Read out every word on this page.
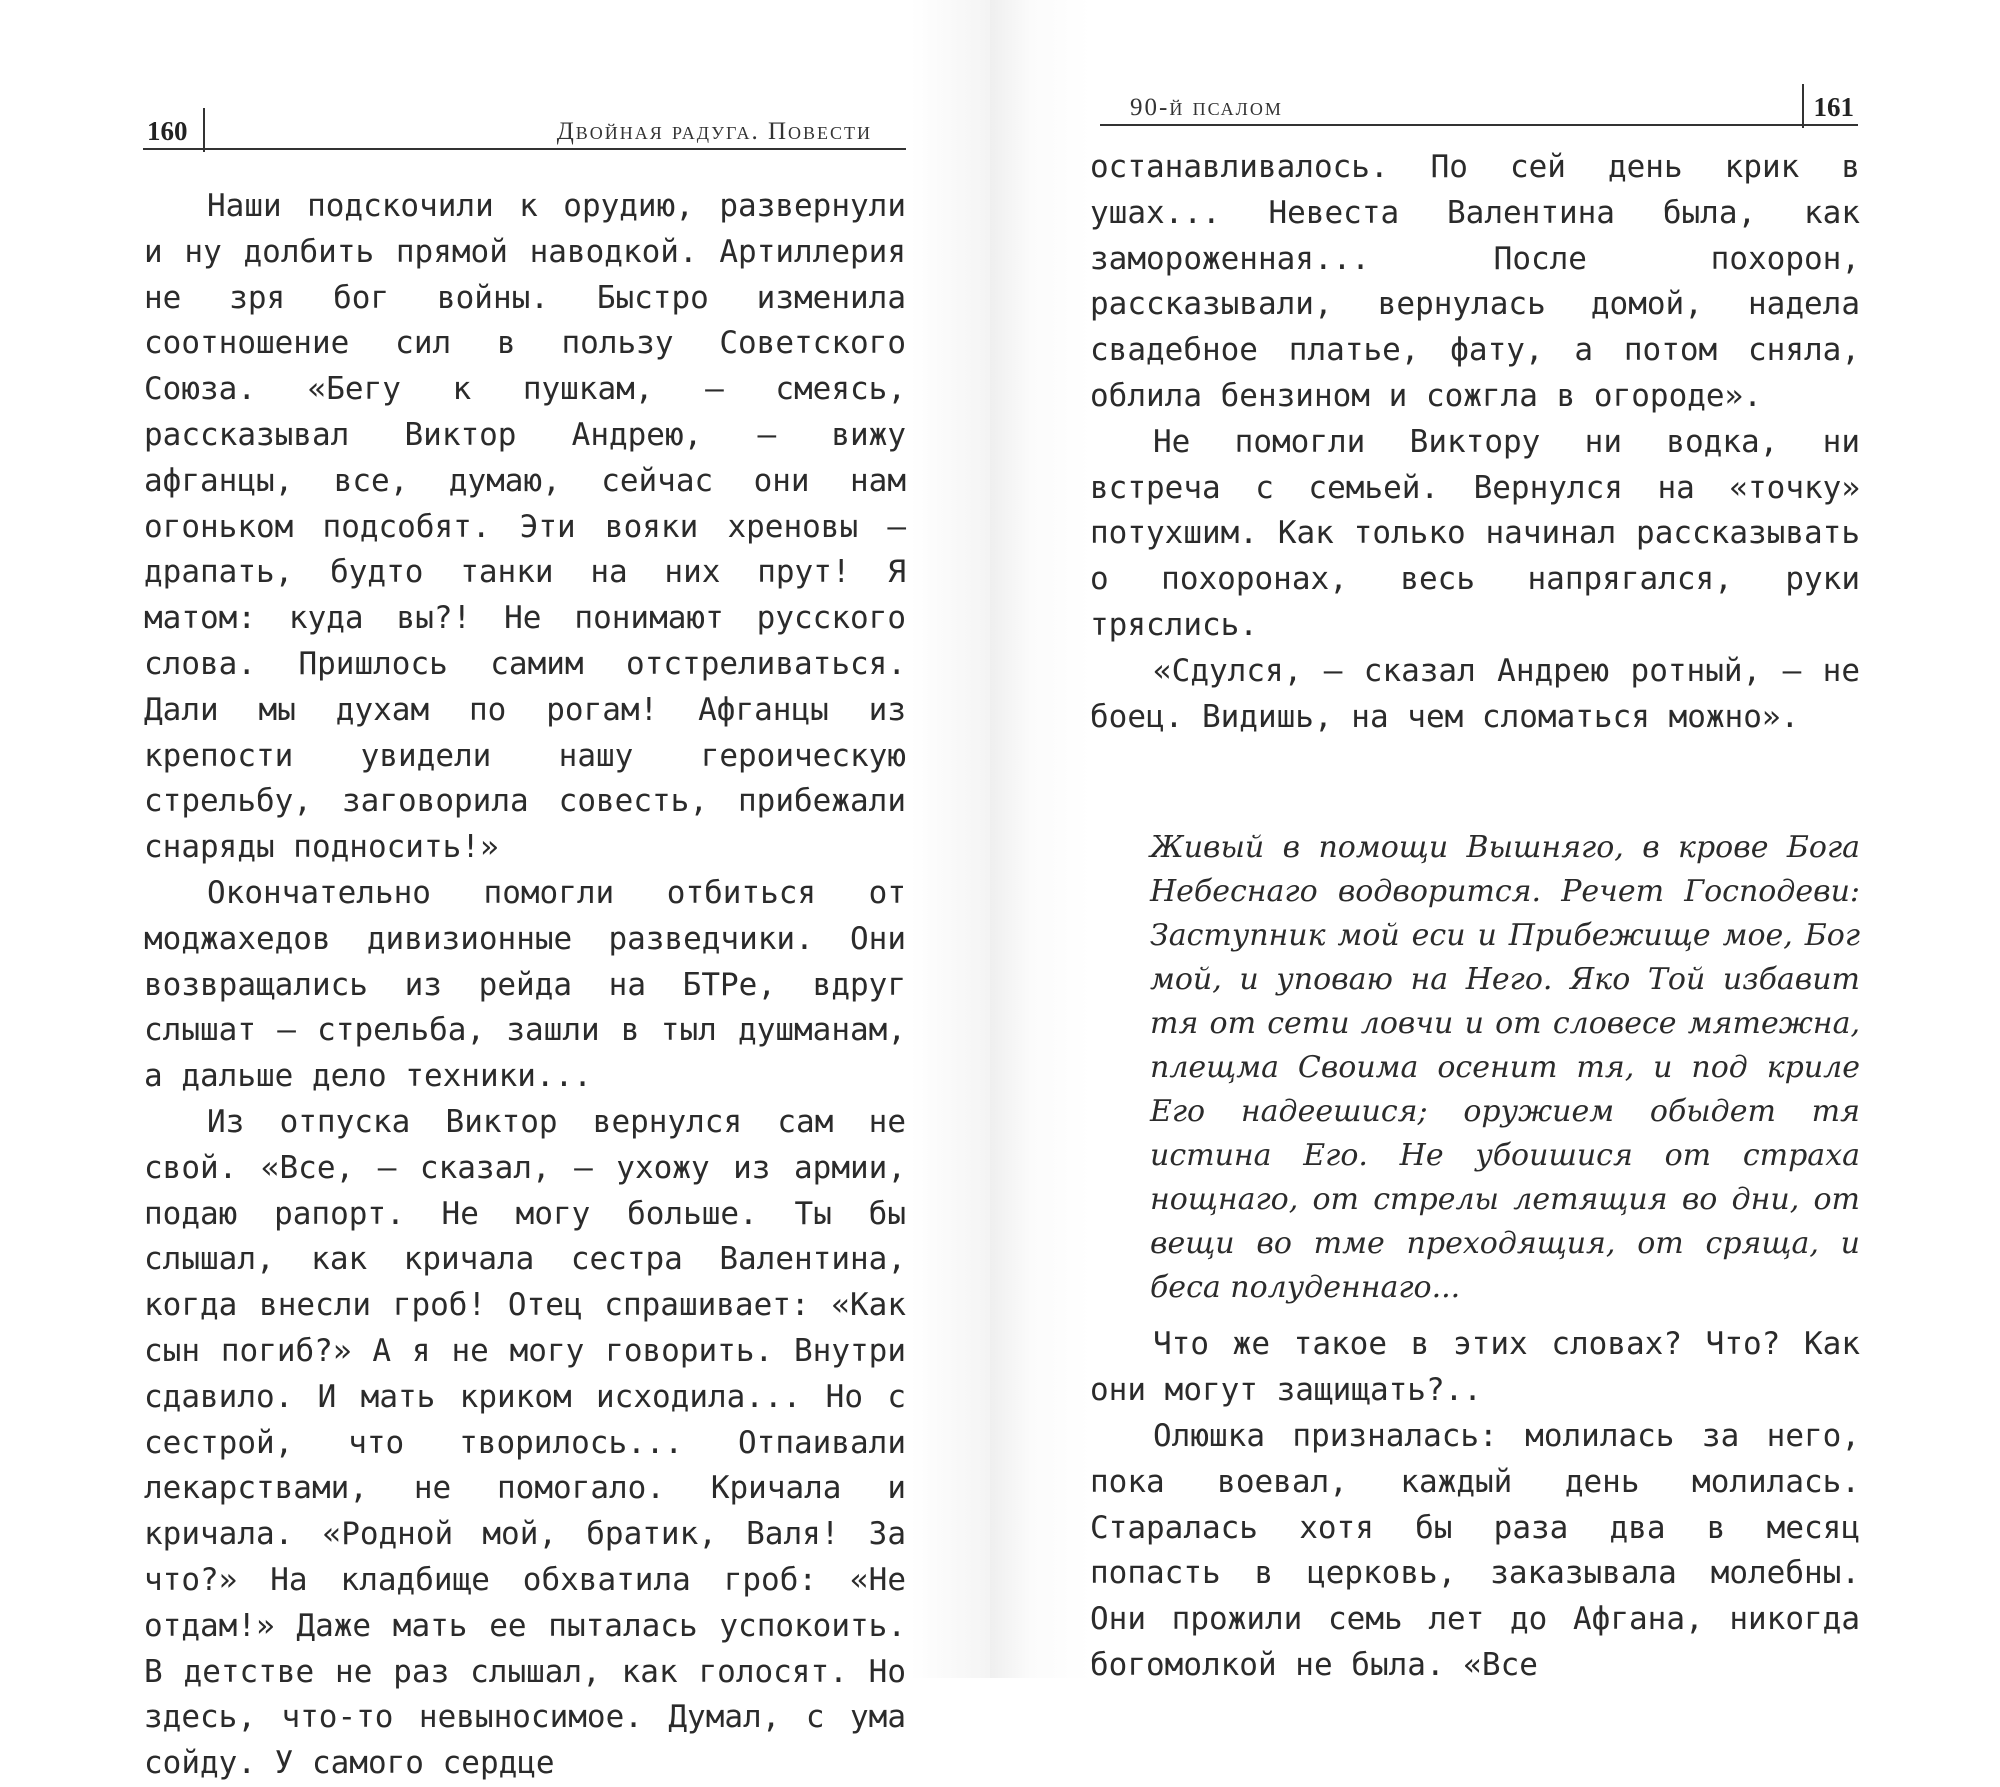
160	Двойная радуга. Повести

Наши подскочили к орудию, развернули и ну долбить прямой наводкой. Артиллерия не зря бог войны. Быстро изменила соотношение сил в пользу Советского Союза. «Бегу к пушкам, — смеясь, рассказывал Виктор Андрею, — вижу афганцы, все, думаю, сейчас они нам огоньком подсобят. Эти вояки хреновы — драпать, будто танки на них прут! Я матом: куда вы?! Не понимают русского слова. Пришлось самим отстреливаться. Дали мы духам по рогам! Афганцы из крепости увидели нашу героическую стрельбу, заговорила совесть, прибежали снаряды подносить!»

Окончательно помогли отбиться от моджахедов дивизионные разведчики. Они возвращались из рейда на БТРе, вдруг слышат — стрельба, зашли в тыл душманам, а дальше дело техники...

Из отпуска Виктор вернулся сам не свой. «Все, — сказал, — ухожу из армии, подаю рапорт. Не могу больше. Ты бы слышал, как кричала сестра Валентина, когда внесли гроб! Отец спрашивает: «Как сын погиб?» А я не могу говорить. Внутри сдавило. И мать криком исходила... Но с сестрой, что творилось... Отпаивали лекарствами, не помогало. Кричала и кричала. «Родной мой, братик, Валя! За что?» На кладбище обхватила гроб: «Не отдам!» Даже мать ее пыталась успокоить. В детстве не раз слышал, как голосят. Но здесь, что-то невыносимое. Думал, с ума сойду. У самого сердце

90-й псалом	161

останавливалось. По сей день крик в ушах... Невеста Валентина была, как замороженная... После похорон, рассказывали, вернулась домой, надела свадебное платье, фату, а потом сняла, облила бензином и сожгла в огороде».

Не помогли Виктору ни водка, ни встреча с семьей. Вернулся на «точку» потухшим. Как только начинал рассказывать о похоронах, весь напрягался, руки тряслись.

«Сдулся, — сказал Андрею ротный, — не боец. Видишь, на чем сломаться можно».

Живый в помощи Вышняго, в крове Бога Небеснаго водворится. Речет Господеви: Заступник мой еси и Прибежище мое, Бог мой, и уповаю на Него. Яко Той избавит тя от сети ловчи и от словесе мятежна, плещма Своима осенит тя, и под криле Его надеешися; оружием обыдет тя истина Его. Не убоишися от страха нощнаго, от стрелы летящия во дни, от вещи во тме преходящия, от сряща, и беса полуденнаго...

Что же такое в этих словах? Что? Как они могут защищать?..

Олюшка призналась: молилась за него, пока воевал, каждый день молилась. Старалась хотя бы раза два в месяц попасть в церковь, заказывала молебны. Они прожили семь лет до Афгана, никогда богомолкой не была. «Все
